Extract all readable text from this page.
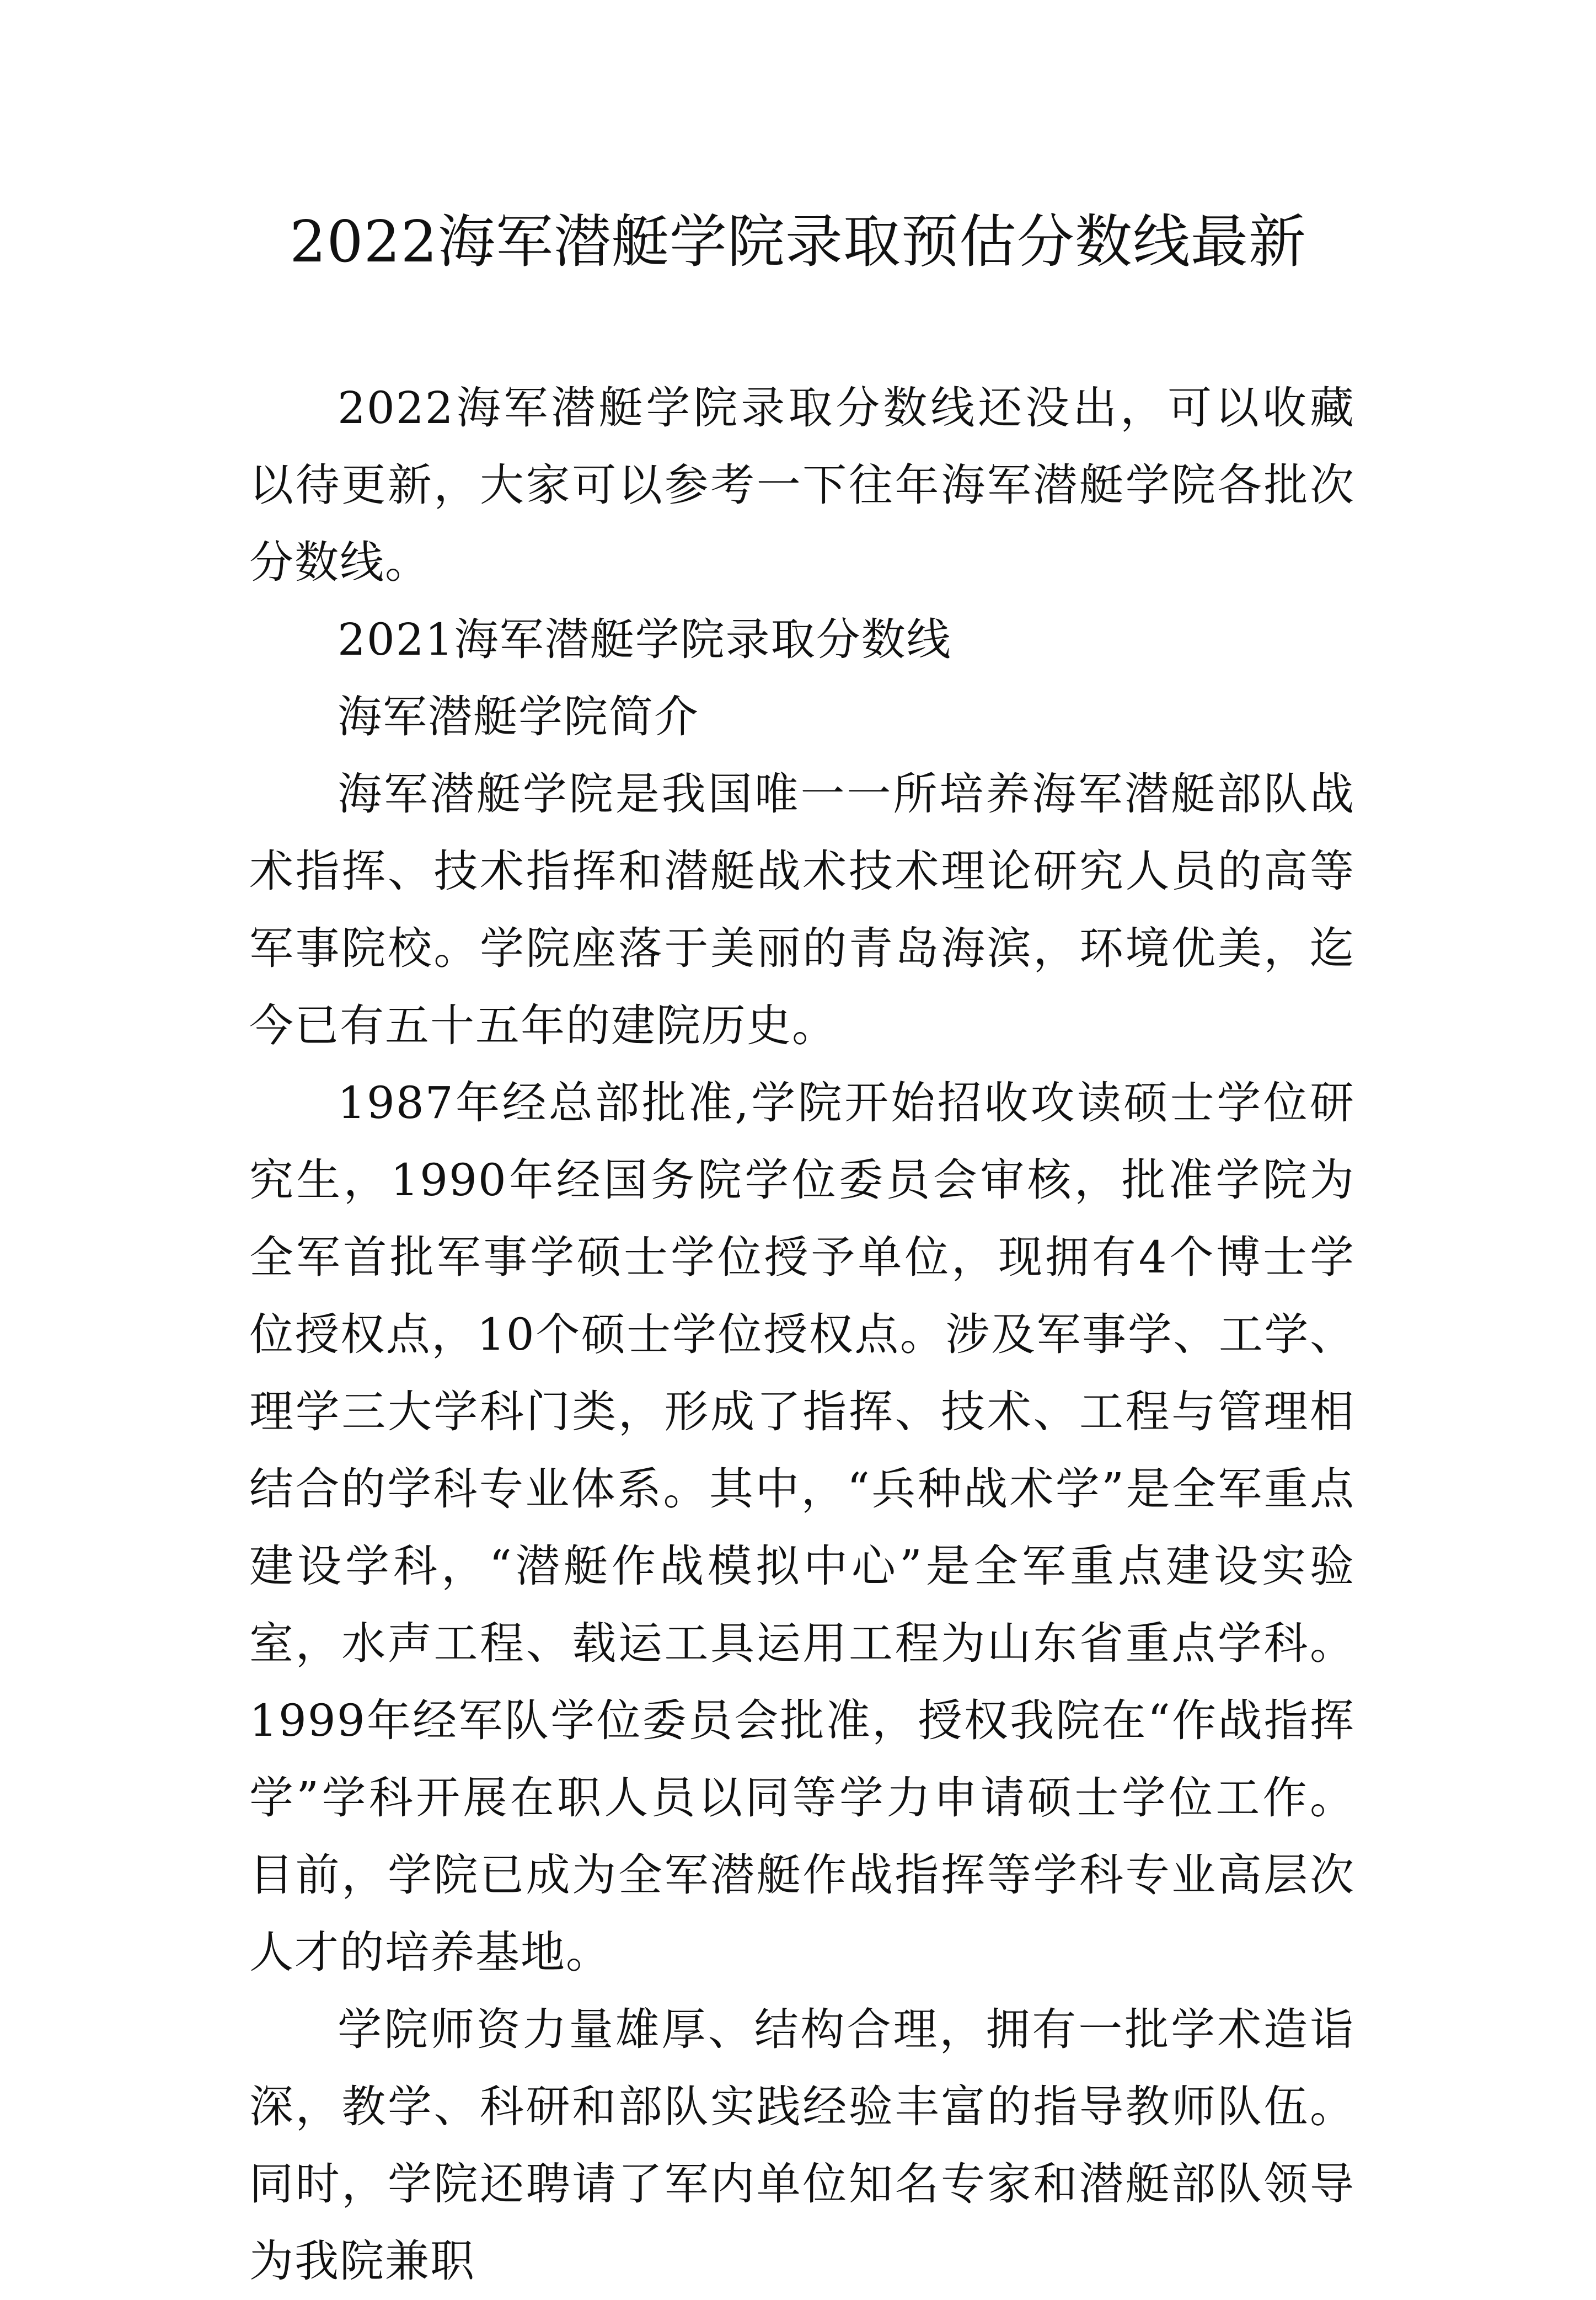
2022海军潜艇学院录取预估分数线最新

2022海军潜艇学院录取分数线还没出，可以收藏以待更新，大家可以参考一下往年海军潜艇学院各批次分数线。

2021海军潜艇学院录取分数线

海军潜艇学院简介

海军潜艇学院是我国唯一一所培养海军潜艇部队战术指挥、技术指挥和潜艇战术技术理论研究人员的高等军事院校。学院座落于美丽的青岛海滨，环境优美，迄今已有五十五年的建院历史。

1987年经总部批准,学院开始招收攻读硕士学位研究生，1990年经国务院学位委员会审核，批准学院为全军首批军事学硕士学位授予单位，现拥有4个博士学位授权点，10个硕士学位授权点。涉及军事学、工学、理学三大学科门类，形成了指挥、技术、工程与管理相结合的学科专业体系。其中，“兵种战术学”是全军重点建设学科，“潜艇作战模拟中心”是全军重点建设实验室，水声工程、载运工具运用工程为山东省重点学科。1999年经军队学位委员会批准，授权我院在“作战指挥学”学科开展在职人员以同等学力申请硕士学位工作。目前，学院已成为全军潜艇作战指挥等学科专业高层次人才的培养基地。

学院师资力量雄厚、结构合理，拥有一批学术造诣深，教学、科研和部队实践经验丰富的指导教师队伍。同时，学院还聘请了军内单位知名专家和潜艇部队领导为我院兼职
